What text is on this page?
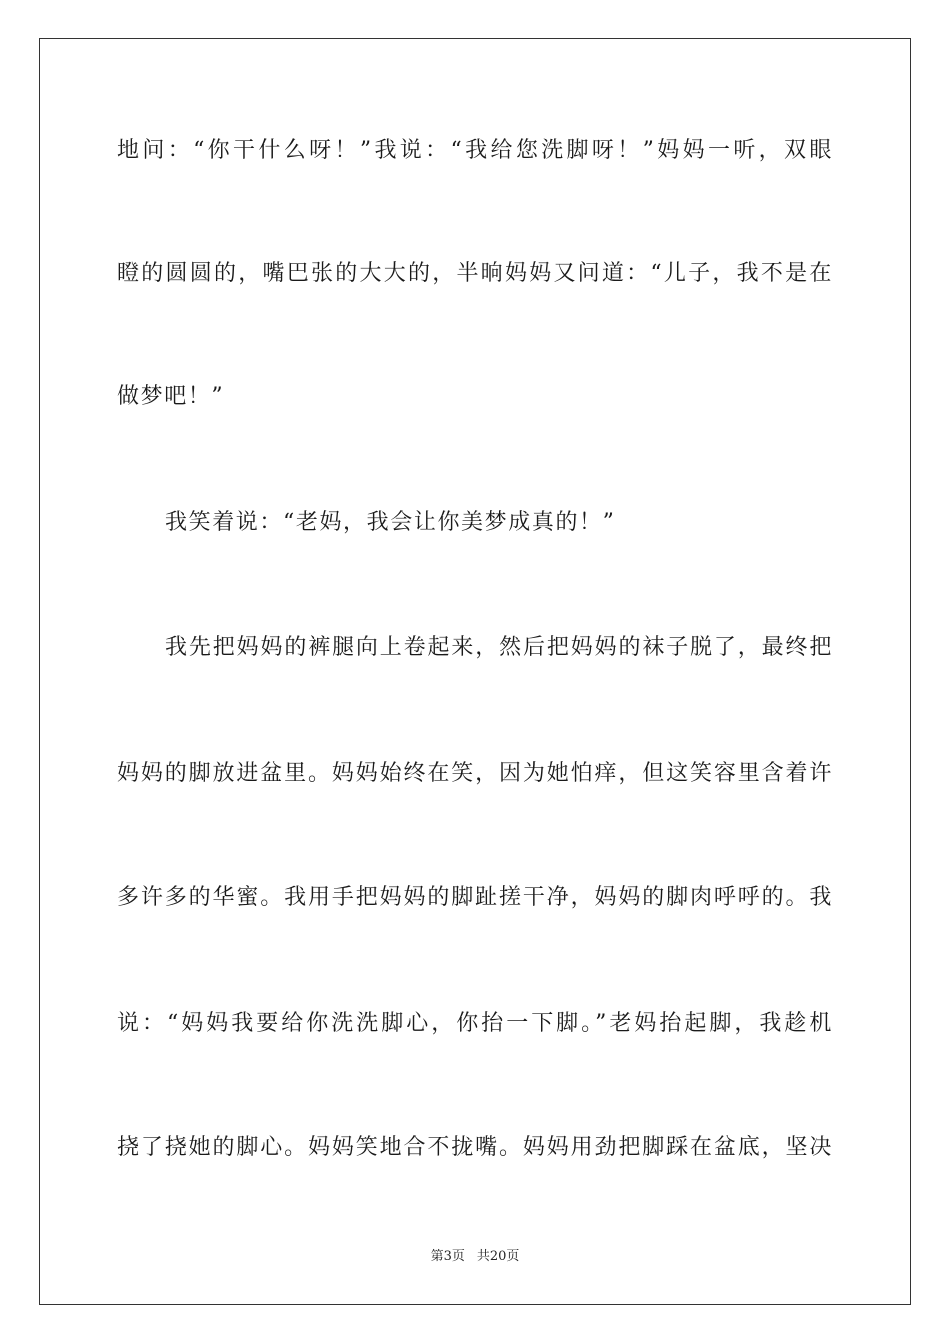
地问：“你干什么呀！”我说：“我给您洗脚呀！”妈妈一听，双眼
瞪的圆圆的，嘴巴张的大大的，半晌妈妈又问道：“儿子，我不是在
做梦吧！”
我笑着说：“老妈，我会让你美梦成真的！”
我先把妈妈的裤腿向上卷起来，然后把妈妈的袜子脱了，最终把
妈妈的脚放进盆里。妈妈始终在笑，因为她怕痒，但这笑容里含着许
多许多的华蜜。我用手把妈妈的脚趾搓干净，妈妈的脚肉呼呼的。我
说：“妈妈我要给你洗洗脚心，你抬一下脚。”老妈抬起脚，我趁机
挠了挠她的脚心。妈妈笑地合不拢嘴。妈妈用劲把脚踩在盆底，坚决
第3页 共20页
